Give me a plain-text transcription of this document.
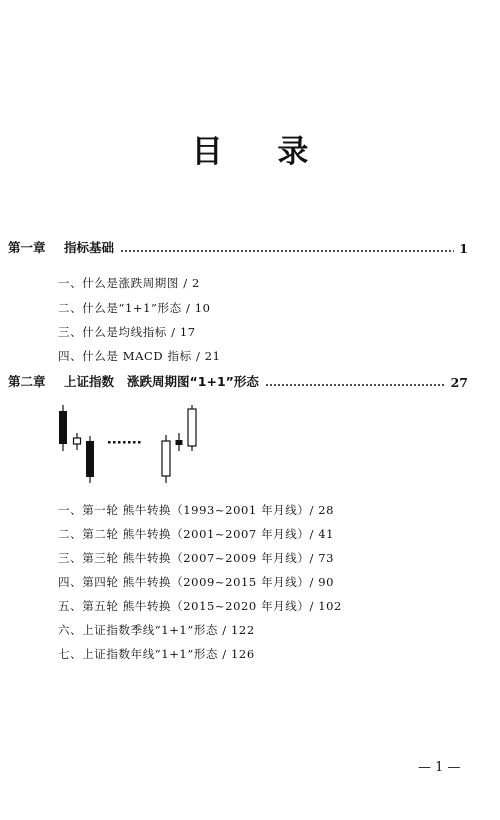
目 录
第一章	指标基础	1
一、什么是涨跌周期图 / 2
二、什么是“1+1”形态 / 10
三、什么是均线指标 / 17
四、什么是 MACD 指标 / 21
第二章	上证指数   涨跌周期图“1+1”形态	27
一、第一轮 熊牛转换（1993~2001 年月线）/ 28
二、第二轮 熊牛转换（2001~2007 年月线）/ 41
三、第三轮 熊牛转换（2007~2009 年月线）/ 73
四、第四轮 熊牛转换（2009~2015 年月线）/ 90
五、第五轮 熊牛转换（2015~2020 年月线）/ 102
六、上证指数季线“1+1”形态 / 122
七、上证指数年线“1+1”形态 / 126
— 1 —
